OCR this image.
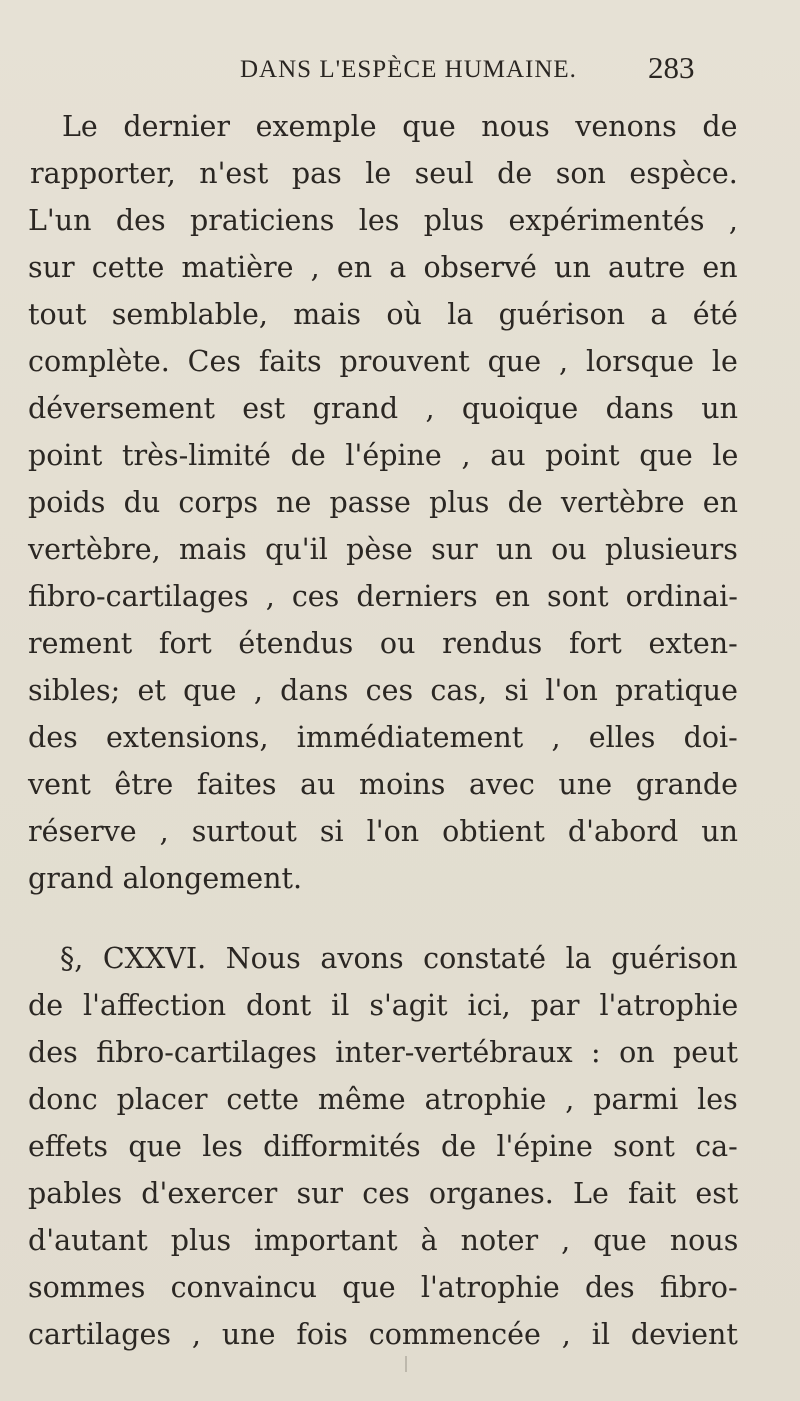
DANS L'ESPÈCE HUMAINE. 283
Le dernier exemple que nous venons de
rapporter, n'est pas le seul de son espèce.
L'un des praticiens les plus expérimentés ,
sur cette matière , en a observé un autre en
tout semblable, mais où la guérison a été
complète. Ces faits prouvent que , lorsque le
déversement est grand , quoique dans un
point très-limité de l'épine , au point que le
poids du corps ne passe plus de vertèbre en
vertèbre, mais qu'il pèse sur un ou plusieurs
fibro-cartilages , ces derniers en sont ordinai-
rement fort étendus ou rendus fort exten-
sibles; et que , dans ces cas, si l'on pratique
des extensions, immédiatement , elles doi-
vent être faites au moins avec une grande
réserve , surtout si l'on obtient d'abord un
grand alongement.
§, CXXVI. Nous avons constaté la guérison
de l'affection dont il s'agit ici, par l'atrophie
des fibro-cartilages inter-vertébraux : on peut
donc placer cette même atrophie , parmi les
effets que les difformités de l'épine sont ca-
pables d'exercer sur ces organes. Le fait est
d'autant plus important à noter , que nous
sommes convaincu que l'atrophie des fibro-
cartilages , une fois commencée , il devient
